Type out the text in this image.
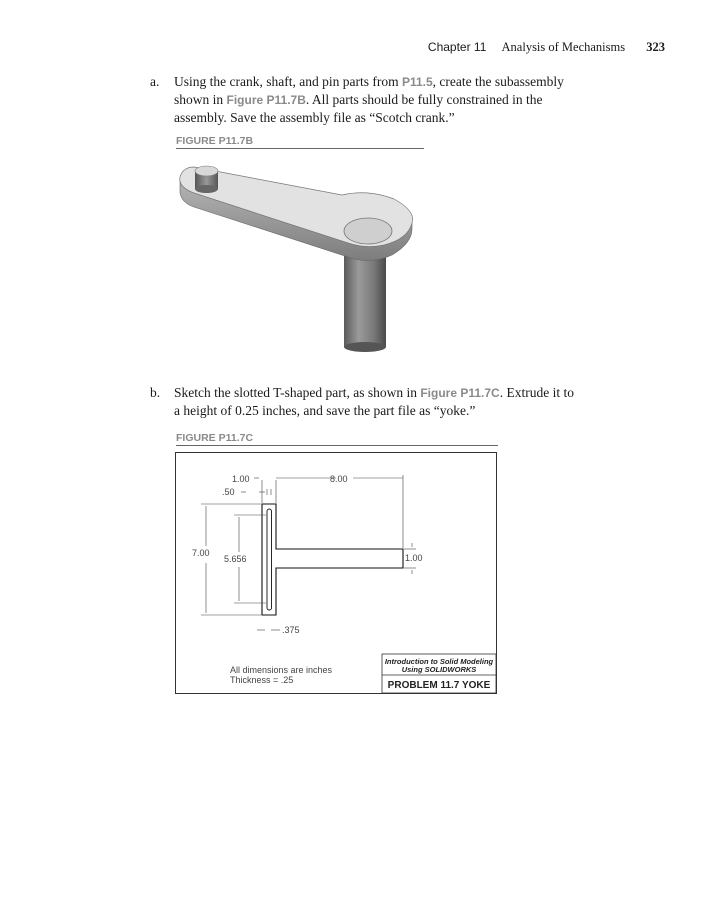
Chapter 11 Analysis of Mechanisms 323
a. Using the crank, shaft, and pin parts from P11.5, create the subassembly shown in Figure P11.7B. All parts should be fully constrained in the assembly. Save the assembly file as “Scotch crank.”
FIGURE P11.7B
b. Sketch the slotted T-shaped part, as shown in Figure P11.7C. Extrude it to a height of 0.25 inches, and save the part file as “yoke.”
FIGURE P11.7C
1.00	8.00
.50
7.00
5.656	1.00
.375
All dimensions are inches
Thickness = .25
Introduction to Solid Modeling
Using SOLIDWORKS
PROBLEM 11.7 YOKE
